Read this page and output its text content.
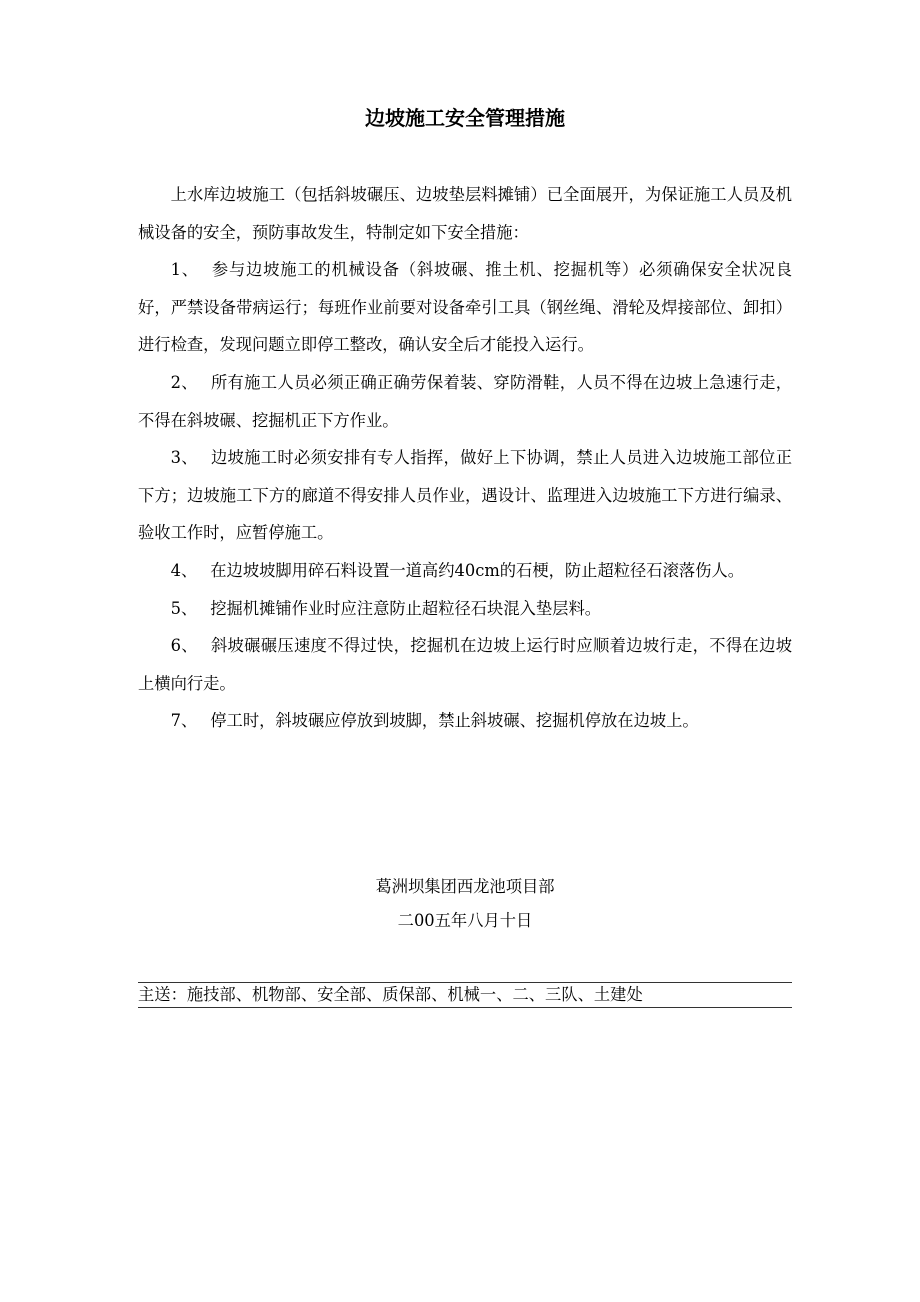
边坡施工安全管理措施

上水库边坡施工（包括斜坡碾压、边坡垫层料摊铺）已全面展开，为保证施工人员及机械设备的安全，预防事故发生，特制定如下安全措施：

1、 参与边坡施工的机械设备（斜坡碾、推土机、挖掘机等）必须确保安全状况良好，严禁设备带病运行；每班作业前要对设备牵引工具（钢丝绳、滑轮及焊接部位、卸扣）进行检查，发现问题立即停工整改，确认安全后才能投入运行。

2、 所有施工人员必须正确正确劳保着装、穿防滑鞋，人员不得在边坡上急速行走，不得在斜坡碾、挖掘机正下方作业。

3、 边坡施工时必须安排有专人指挥，做好上下协调，禁止人员进入边坡施工部位正下方；边坡施工下方的廊道不得安排人员作业，遇设计、监理进入边坡施工下方进行编录、验收工作时，应暂停施工。

4、 在边坡坡脚用碎石料设置一道高约40cm的石梗，防止超粒径石滚落伤人。

5、 挖掘机摊铺作业时应注意防止超粒径石块混入垫层料。

6、 斜坡碾碾压速度不得过快，挖掘机在边坡上运行时应顺着边坡行走，不得在边坡上横向行走。

7、 停工时，斜坡碾应停放到坡脚，禁止斜坡碾、挖掘机停放在边坡上。

葛洲坝集团西龙池项目部
二00五年八月十日
主送：施技部、机物部、安全部、质保部、机械一、二、三队、土建处
